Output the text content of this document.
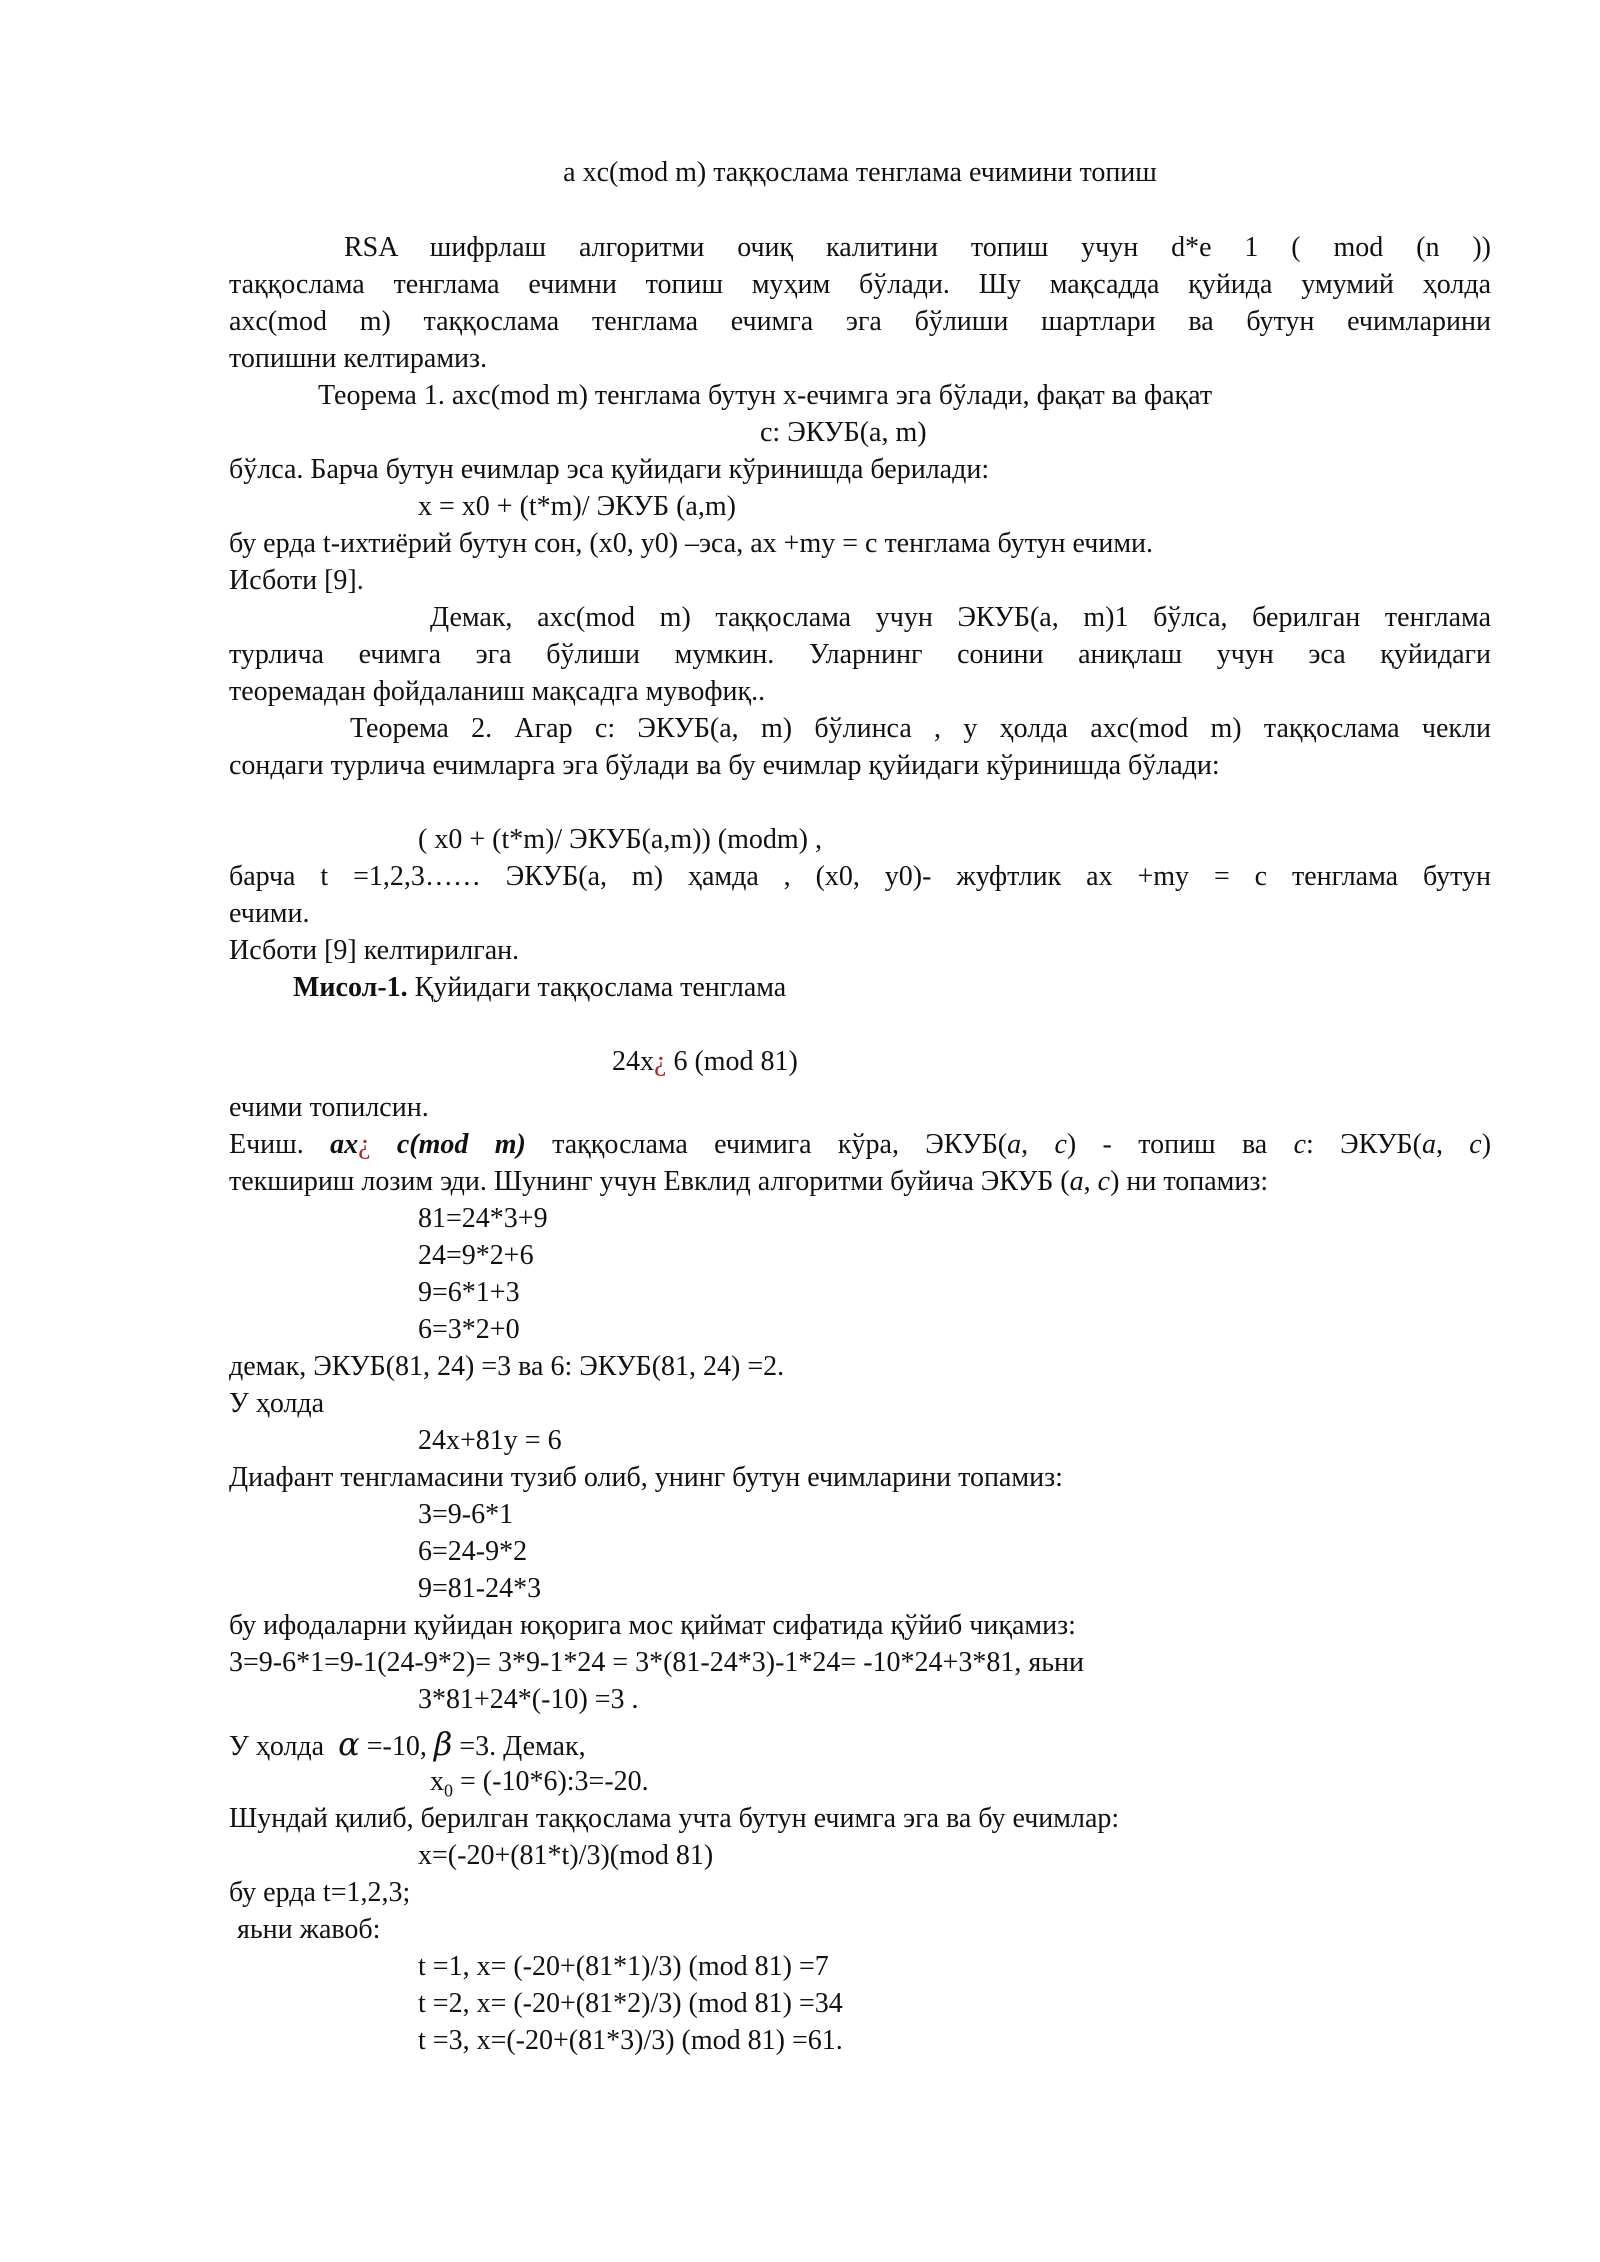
a xc(mod m) таққослама тенглама ечимини топиш
RSA шифрлаш алгоритми очиқ калитини топиш учун d*e 1 ( mod (n ))
таққослама тенглама ечимни топиш муҳим бўлади. Шу мақсадда қуйида умумий ҳолда
axc(mod m) таққослама тенглама ечимга эга бўлиши шартлари ва бутун ечимларини
топишни келтирамиз.
Теорема 1. axc(mod m) тенглама бутун x-ечимга эга бўлади, фақат ва фақат
c: ЭКУБ(a, m)
бўлса. Барча бутун ечимлар эса қуйидаги кўринишда берилади:
x = x0 + (t*m)/ ЭКУБ (a,m)
бу ерда t-ихтиёрий бутун сон, (x0, y0) –эса, ax +my = c тенглама бутун ечими.
Исботи [9].
Демак, axc(mod m) таққослама учун ЭКУБ(a, m)1 бўлса, берилган тенглама
турлича ечимга эга бўлиши мумкин. Уларнинг сонини аниқлаш учун эса қуйидаги
теоремадан фойдаланиш мақсадга мувофиқ..
Теорема 2. Агар c: ЭКУБ(a, m) бўлинса , у ҳолда axc(mod m) таққослама чекли
сондаги турлича ечимларга эга бўлади ва бу ечимлар қуйидаги кўринишда бўлади:
( x0 + (t*m)/ ЭКУБ(a,m)) (modm) ,
барча t =1,2,3…… ЭКУБ(a, m) ҳамда , (x0, y0)- жуфтлик ax +my = c тенглама бутун
ечими.
Исботи [9] келтирилган.
Мисол-1. Қуйидаги таққослама тенглама
24x¿ 6 (mod 81)
ечими топилсин.
Ечиш. ax¿ c(mod m) таққослама ечимига кўра, ЭКУБ(a, c) - топиш ва c: ЭКУБ(a, c)
текшириш лозим эди. Шунинг учун Евклид алгоритми буйича ЭКУБ (a, c) ни топамиз:
81=24*3+9
24=9*2+6
9=6*1+3
6=3*2+0
демак, ЭКУБ(81, 24) =3 ва 6: ЭКУБ(81, 24) =2.
У ҳолда
24x+81y = 6
Диафант тенгламасини тузиб олиб, унинг бутун ечимларини топамиз:
3=9-6*1
6=24-9*2
9=81-24*3
бу ифодаларни қуйидан юқорига мос қиймат сифатида қўйиб чиқамиз:
3=9-6*1=9-1(24-9*2)= 3*9-1*24 = 3*(81-24*3)-1*24= -10*24+3*81, яьни
3*81+24*(-10) =3 .
У ҳолда α =-10, β =3. Демак,
$x_0$ = (-10*6):3=-20.
Шундай қилиб, берилган таққослама учта бутун ечимга эга ва бу ечимлар:
x=(-20+(81*t)/3)(mod 81)
бу ерда t=1,2,3;
яьни жавоб:
t =1, x= (-20+(81*1)/3) (mod 81) =7
t =2, x= (-20+(81*2)/3) (mod 81) =34
t =3, x=(-20+(81*3)/3) (mod 81) =61.
